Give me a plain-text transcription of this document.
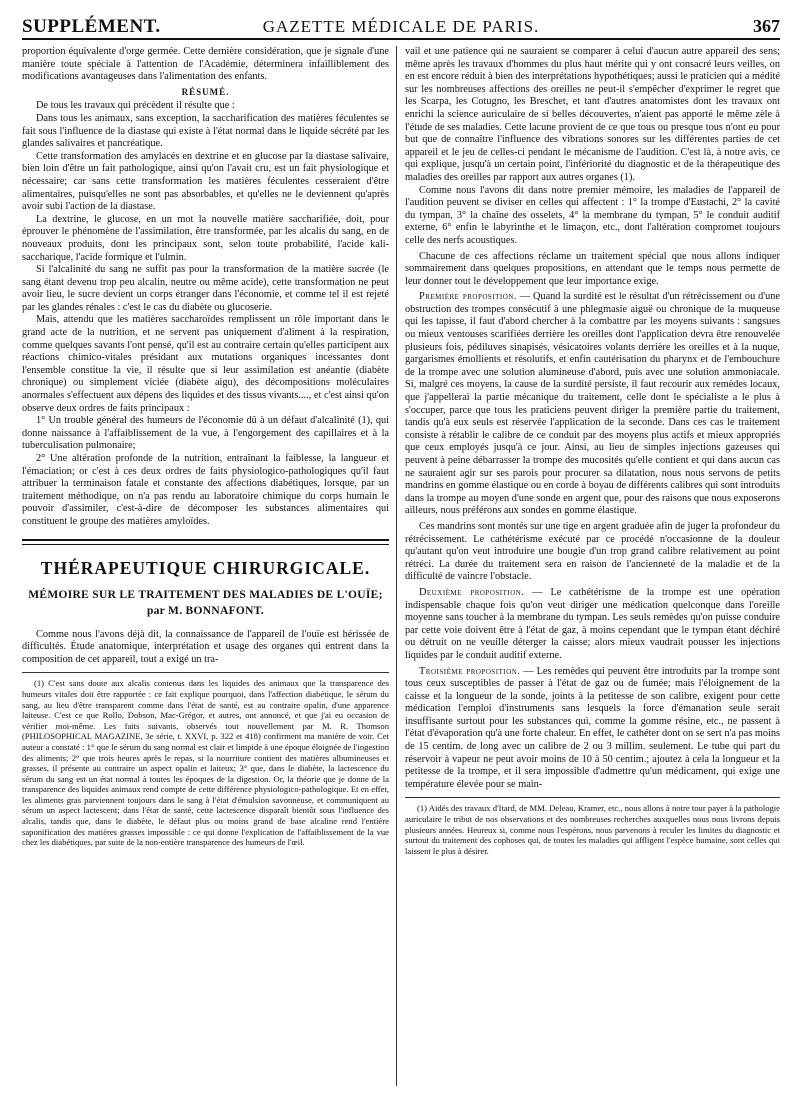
SUPPLÉMENT.	GAZETTE MÉDICALE DE PARIS.	367

proportion équivalente d'orge germée. Cette dernière considération, que je signale d'une manière toute spéciale à l'attention de l'Académie, déterminera infailliblement des modifications avantageuses dans l'alimentation des enfants.

RÉSUMÉ.

De tous les travaux qui précèdent il résulte que :

Dans tous les animaux, sans exception, la saccharification des matières féculentes se fait sous l'influence de la diastase qui existe à l'état normal dans le liquide sécrété par les glandes salivaires et pancréatique.

Cette transformation des amylacés en dextrine et en glucose par la diastase salivaire, bien loin d'être un fait pathologique, ainsi qu'on l'avait cru, est un fait physiologique et nécessaire; car sans cette transformation les matières féculentes cesseraient d'être alimentaires, puisqu'elles ne sont pas absorbables, et qu'elles ne le deviennent qu'après avoir subi l'action de la diastase.

La dextrine, le glucose, en un mot la nouvelle matière saccharifiée, doit, pour éprouver le phénomène de l'assimilation, être transformée, par les alcalis du sang, en de nouveaux produits, dont les principaux sont, selon toute probabilité, l'acide kali-saccharique, l'acide formique et l'ulmin.

Si l'alcalinité du sang ne suffit pas pour la transformation de la matière sucrée (le sang étant devenu trop peu alcalin, neutre ou même acide), cette transformation ne peut avoir lieu, le sucre devient un corps étranger dans l'économie, et comme tel il est rejeté par les glandes rénales : c'est le cas du diabète ou glucoserie.

Mais, attendu que les matières saccharoïdes remplissent un rôle important dans le grand acte de la nutrition, et ne servent pas uniquement d'aliment à la respiration, comme quelques savants l'ont pensé, qu'il est au contraire certain qu'elles participent aux réactions chimico-vitales présidant aux mutations organiques incessantes dont l'ensemble constitue la vie, il résulte que si leur assimilation est anéantie (diabète chronique) ou simplement viciée (diabète aigu), des décompositions moléculaires anormales s'effectuent aux dépens des liquides et des tissus vivants...., et c'est ainsi qu'on observe deux ordres de faits principaux :

1° Un trouble général des humeurs de l'économie dû à un défaut d'alcalinité (1), qui donne naissance à l'affaiblissement de la vue, à l'engorgement des capillaires et à la tuberculisation pulmonaire;

2° Une altération profonde de la nutrition, entraînant la faiblesse, la langueur et l'émaciation; or c'est à ces deux ordres de faits physiologico-pathologiques qu'il faut attribuer la terminaison fatale et constante des affections diabétiques, lorsque, par un traitement méthodique, on n'a pas rendu au laboratoire chimique du corps humain le pouvoir d'assimiler, c'est-à-dire de décomposer les substances alimentaires qui constituent le groupe des matières amyloïdes.

THÉRAPEUTIQUE CHIRURGICALE.
MÉMOIRE SUR LE TRAITEMENT DES MALADIES DE L'OUÏE; par M. BONNAFONT.

Comme nous l'avons déjà dit, la connaissance de l'appareil de l'ouïe est hérissée de difficultés. Étude anatomique, interprétation et usage des organes qui entrent dans la composition de cet appareil, tout a exigé un tra-

(1) C'est sans doute aux alcalis contenus dans les liquides des animaux que la transparence des humeurs vitales doit être rapportée : ce fait explique pourquoi, dans l'affection diabétique, le sérum du sang, au lieu d'être transparent comme dans l'état de santé, est au contraire opalin, d'une apparence laiteuse. C'est ce que Rollo, Dobson, Mac-Grégor, et autres, ont annoncé, et que j'ai eu occasion de vérifier moi-même. Les faits suivants, observés tout nouvellement par M. R. Thomson (PHILOSOPHICAL MAGAZINE, 3e série, t. XXVI, p. 322 et 418) confirment ma manière de voir. Cet auteur a constaté : 1° que le sérum du sang normal est clair et limpide à une époque éloignée de l'ingestion des aliments; 2° que trois heures après le repas, si la nourriture contient des matières albumineuses et grasses, il présente au contraire un aspect opalin et laiteux; 3° que, dans le diabète, la lactescence du sérum du sang est un état normal à toutes les époques de la digestion. Or, la théorie que je donne de la transparence des liquides animaux rend compte de cette différence physiologico-pathologique. Et en effet, les aliments gras parviennent toujours dans le sang à l'état d'émulsion savonneuse, et communiquent au sérum un aspect lactescent; dans l'état de santé, cette lactescence disparaît bientôt sous l'influence des alcalis, tandis que, dans le diabète, le défaut plus ou moins grand de base alcaline rend l'entière saponification des matières grasses impossible : ce qui donne l'explication de l'affaiblissement de la vue chez les diabétiques, par suite de la non-entière transparence des humeurs de l'œil.

vail et une patience qui ne sauraient se comparer à celui d'aucun autre appareil des sens; même après les travaux d'hommes du plus haut mérite qui y ont consacré leurs veilles, on en est encore réduit à bien des interprétations hypothétiques; aussi le praticien qui a médité sur les nombreuses affections des oreilles ne peut-il s'empêcher d'exprimer le regret que les Scarpa, les Cotugno, les Breschet, et tant d'autres anatomistes dont les travaux ont enrichi la science auriculaire de si belles découvertes, n'aient pas apporté le même zèle à l'étude de ses maladies. Cette lacune provient de ce que tous ou presque tous n'ont eu pour but que de connaître l'influence des vibrations sonores sur les différentes parties de cet appareil et le jeu de celles-ci pendant le mécanisme de l'audition. C'est là, à notre avis, ce qui explique, jusqu'à un certain point, l'infériorité du diagnostic et de la thérapeutique des maladies des oreilles par rapport aux autres organes (1).

Comme nous l'avons dit dans notre premier mémoire, les maladies de l'appareil de l'audition peuvent se diviser en celles qui affectent : 1° la trompe d'Eustachi, 2° la cavité du tympan, 3° la chaîne des osselets, 4° la membrane du tympan, 5° le conduit auditif externe, 6° enfin le labyrinthe et le limaçon, etc., dont l'altération compromet toujours celle des nerfs acoustiques.

Chacune de ces affections réclame un traitement spécial que nous allons indiquer sommairement dans quelques propositions, en attendant que le temps nous permette de leur donner tout le développement que leur importance exige.

Première proposition. — Quand la surdité est le résultat d'un rétrécissement ou d'une obstruction des trompes consécutif à une phlegmasie aiguë ou chronique de la muqueuse qui les tapisse, il faut d'abord chercher à la combattre par les moyens suivants : sangsues ou mieux ventouses scarifiées derrière les oreilles dont l'application devra être renouvelée plusieurs fois, pédiluves sinapisés, vésicatoires volants derrière les oreilles et à la nuque, gargarismes émollients et résolutifs, et enfin cautérisation du pharynx et de l'embouchure de la trompe avec une solution alumineuse d'abord, puis avec une solution ammoniacale. Si, malgré ces moyens, la cause de la surdité persiste, il faut recourir aux remèdes locaux, que j'appellerai la partie mécanique du traitement, celle dont le spécialiste a le plus à s'occuper, parce que tous les praticiens peuvent diriger la première partie du traitement, tandis qu'à eux seuls est réservée l'application de la seconde. Dans ces cas le traitement consiste à rétablir le calibre de ce conduit par des moyens plus actifs et mieux appropriés que ceux employés jusqu'à ce jour. Ainsi, au lieu de simples injections gazeuses qui peuvent à peine débarrasser la trompe des mucosités qu'elle contient et qui dans aucun cas ne sauraient agir sur ses parois pour procurer sa dilatation, nous nous servons de petits mandrins en gomme élastique ou en corde à boyau de différents calibres qui sont introduits dans la trompe au moyen d'une sonde en argent que, pour des raisons que nous exposerons ailleurs, nous préférons aux sondes en gomme élastique.

Ces mandrins sont montés sur une tige en argent graduée afin de juger la profondeur du rétrécissement. Le cathétérisme exécuté par ce procédé n'occasionne de la douleur qu'autant qu'on veut introduire une bougie d'un trop grand calibre relativement au point rétréci. La durée du traitement sera en raison de l'ancienneté de la maladie et de la difficulté de vaincre l'obstacle.

Deuxième proposition. — Le cathétérisme de la trompe est une opération indispensable chaque fois qu'on veut diriger une médication quelconque dans l'oreille moyenne sans toucher à la membrane du tympan. Les seuls remèdes qu'on puisse conduire par cette voie doivent être à l'état de gaz, à moins cependant que le tympan étant déchiré ou détruit on ne veuille déterger la caisse; alors mieux vaudrait pousser les injections liquides par le conduit auditif externe.

Troisième proposition. — Les remèdes qui peuvent être introduits par la trompe sont tous ceux susceptibles de passer à l'état de gaz ou de fumée; mais l'éloignement de la caisse et la longueur de la sonde, joints à la petitesse de son calibre, exigent pour cette médication l'emploi d'instruments sans lesquels la force d'émanation seule serait insuffisante surtout pour les substances qui, comme la gomme résine, etc., ne passent à l'état d'évaporation qu'à une forte chaleur. En effet, le cathéter dont on se sert n'a pas moins de 15 centim. de long avec un calibre de 2 ou 3 millim. seulement. Le tube qui part du réservoir à vapeur ne peut avoir moins de 10 à 50 centim.; ajoutez à cela la longueur et la petitesse de la trompe, et il sera impossible d'admettre qu'un médicament, qui exige une température élevée pour se main-

(1) Aidés des travaux d'Itard, de MM. Deleau, Kramer, etc., nous allons à notre tour payer à la pathologie auriculaire le tribut de nos observations et des nombreuses recherches auxquelles nous nous livrons depuis plusieurs années. Heureux si, comme nous l'espérons, nous parvenons à reculer les limites du diagnostic et surtout du traitement des cophoses qui, de toutes les maladies qui affligent l'espèce humaine, sont celles qui laissent le plus à désirer.
